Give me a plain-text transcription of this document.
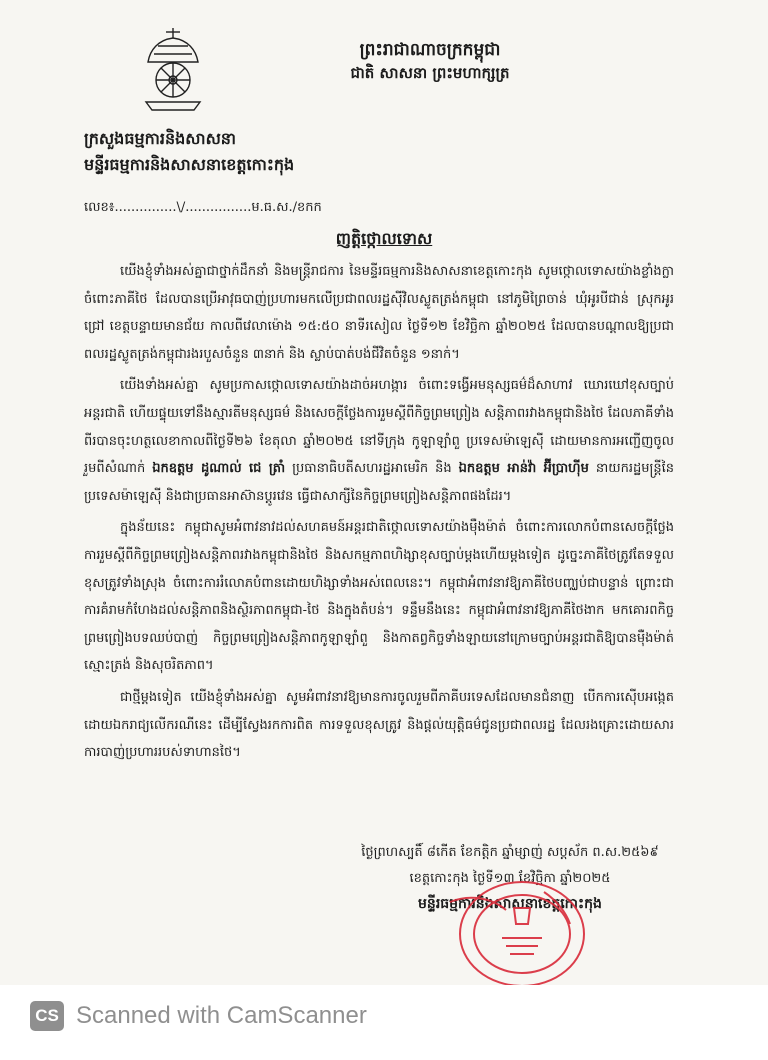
ព្រះរាជាណាចក្រកម្ពុជា
ជាតិ សាសនា ព្រះមហាក្សត្រ
ក្រសួងធម្មការនិងសាសនា
មន្ទីរធម្មការនិងសាសនាខេត្តកោះកុង
លេខ៖...............\/................ម.ធ.ស./ខកក
ញត្តិថ្កោលទោស

យើងខ្ញុំទាំងអស់គ្នាជាថ្នាក់ដឹកនាំ និងមន្ត្រីរាជការ នៃមន្ទីរធម្មការនិងសាសនាខេត្តកោះកុង សូមថ្កោលទោសយ៉ាងខ្លាំងក្លាចំពោះភាគីថៃ ដែលបានប្រើអាវុធបាញ់ប្រហារមកលើប្រជាពលរដ្ឋស៊ីវិលស្លូតត្រង់កម្ពុជា នៅភូមិព្រៃចាន់ ឃុំអូរបីជាន់ ស្រុកអូរជ្រៅ ខេត្តបន្ទាយមានជ័យ កាលពីវេលាម៉ោង ១៥:៥០ នាទីរសៀល ថ្ងៃទី១២ ខែវិច្ឆិកា ឆ្នាំ២០២៥ ដែលបានបណ្តាលឱ្យប្រជាពលរដ្ឋស្លូតត្រង់កម្ពុជារងរបួសចំនួន ៣នាក់ និង ស្លាប់បាត់បង់ជីវិតចំនួន ១នាក់។

យើងទាំងអស់គ្នា សូមប្រកាសថ្កោលទោសយ៉ាងដាច់អហង្ការ ចំពោះទង្វើអមនុស្សធម៌ដ៏សាហាវ ឃោរឃៅខុសច្បាប់អន្តរជាតិ ហើយផ្ទុយទៅនឹងស្មារតីមនុស្សធម៌ និងសេចក្តីថ្លែងការរួមស្តីពីកិច្ចព្រមព្រៀង សន្តិភាពរវាងកម្ពុជានិងថៃ ដែលភាគីទាំងពីរបានចុះហត្ថលេខាកាលពីថ្ងៃទី២៦ ខែតុលា ឆ្នាំ២០២៥ នៅទីក្រុង កូឡាឡាំពួ ប្រទេសម៉ាឡេស៊ី ដោយមានការអញ្ជើញចូលរួមពីសំណាក់ ឯកឧត្តម ដូណាល់ ជេ ត្រាំ ប្រធានាធិបតីសហរដ្ឋអាមេរិក និង ឯកឧត្តម អាន់វ៉ា អ៊ីប្រាហ៊ីម នាយករដ្ឋមន្ត្រីនៃប្រទេសម៉ាឡេស៊ី និងជាប្រធានអាស៊ានប្តូរវេន ធ្វើជាសាក្សីនៃកិច្ចព្រមព្រៀងសន្តិភាពផងដែរ។

ក្នុងន័យនេះ កម្ពុជាសូមអំពាវនាវដល់សហគមន៍អន្តរជាតិថ្កោលទោសយ៉ាងម៉ឺងម៉ាត់ ចំពោះការលោកបំពានសេចក្តីថ្លែងការរួមស្តីពីកិច្ចព្រមព្រៀងសន្តិភាពរវាងកម្ពុជានិងថៃ និងសកម្មភាពហិង្សាខុសច្បាប់ម្តងហើយម្តងទៀត ដូច្នេះភាគីថៃត្រូវតែទទួលខុសត្រូវទាំងស្រុង ចំពោះការរំលោភបំពានដោយហិង្សាទាំងអស់ពេលនេះ។ កម្ពុជាអំពាវនាវឱ្យភាគីថៃបញ្ឈប់ជាបន្ទាន់ ព្រោះជាការគំរាមកំហែងដល់សន្តិភាពនិងស្ថិរភាពកម្ពុជា-ថៃ និងក្នុងតំបន់។ ទន្ទឹមនឹងនេះ កម្ពុជាអំពាវនាវឱ្យភាគីថៃងាក មកគោរពកិច្ចព្រមព្រៀងបទឈប់បាញ់ កិច្ចព្រមព្រៀងសន្តិភាពកូឡាឡាំពួ និងកាតព្វកិច្ចទាំងឡាយនៅក្រោមច្បាប់អន្តរជាតិឱ្យបានម៉ឺងម៉ាត់ ស្មោះត្រង់ និងសុចរិតភាព។

ជាថ្មីម្តងទៀត យើងខ្ញុំទាំងអស់គ្នា សូមអំពាវនាវឱ្យមានការចូលរួមពីភាគីបរទេសដែលមានជំនាញ បើកការស៊ើបអង្កេតដោយឯករាជ្យលើករណីនេះ ដើម្បីស្វែងរកការពិត ការទទួលខុសត្រូវ និងផ្តល់យុត្តិធម៌ជូនប្រជាពលរដ្ឋ ដែលរងគ្រោះដោយសារការបាញ់ប្រហាររបស់ទាហានថៃ។

ថ្ងៃព្រហស្បតិ៍ ៨កើត ខែកត្តិក ឆ្នាំម្សាញ់ សប្តស័ក ព.ស.២៥៦៩
ខេត្តកោះកុង ថ្ងៃទី១៣ ខែវិច្ឆិកា ឆ្នាំ២០២៥
មន្ទីរធម្មការនិងសាសនាខេត្តកោះកុង
CS Scanned with CamScanner
